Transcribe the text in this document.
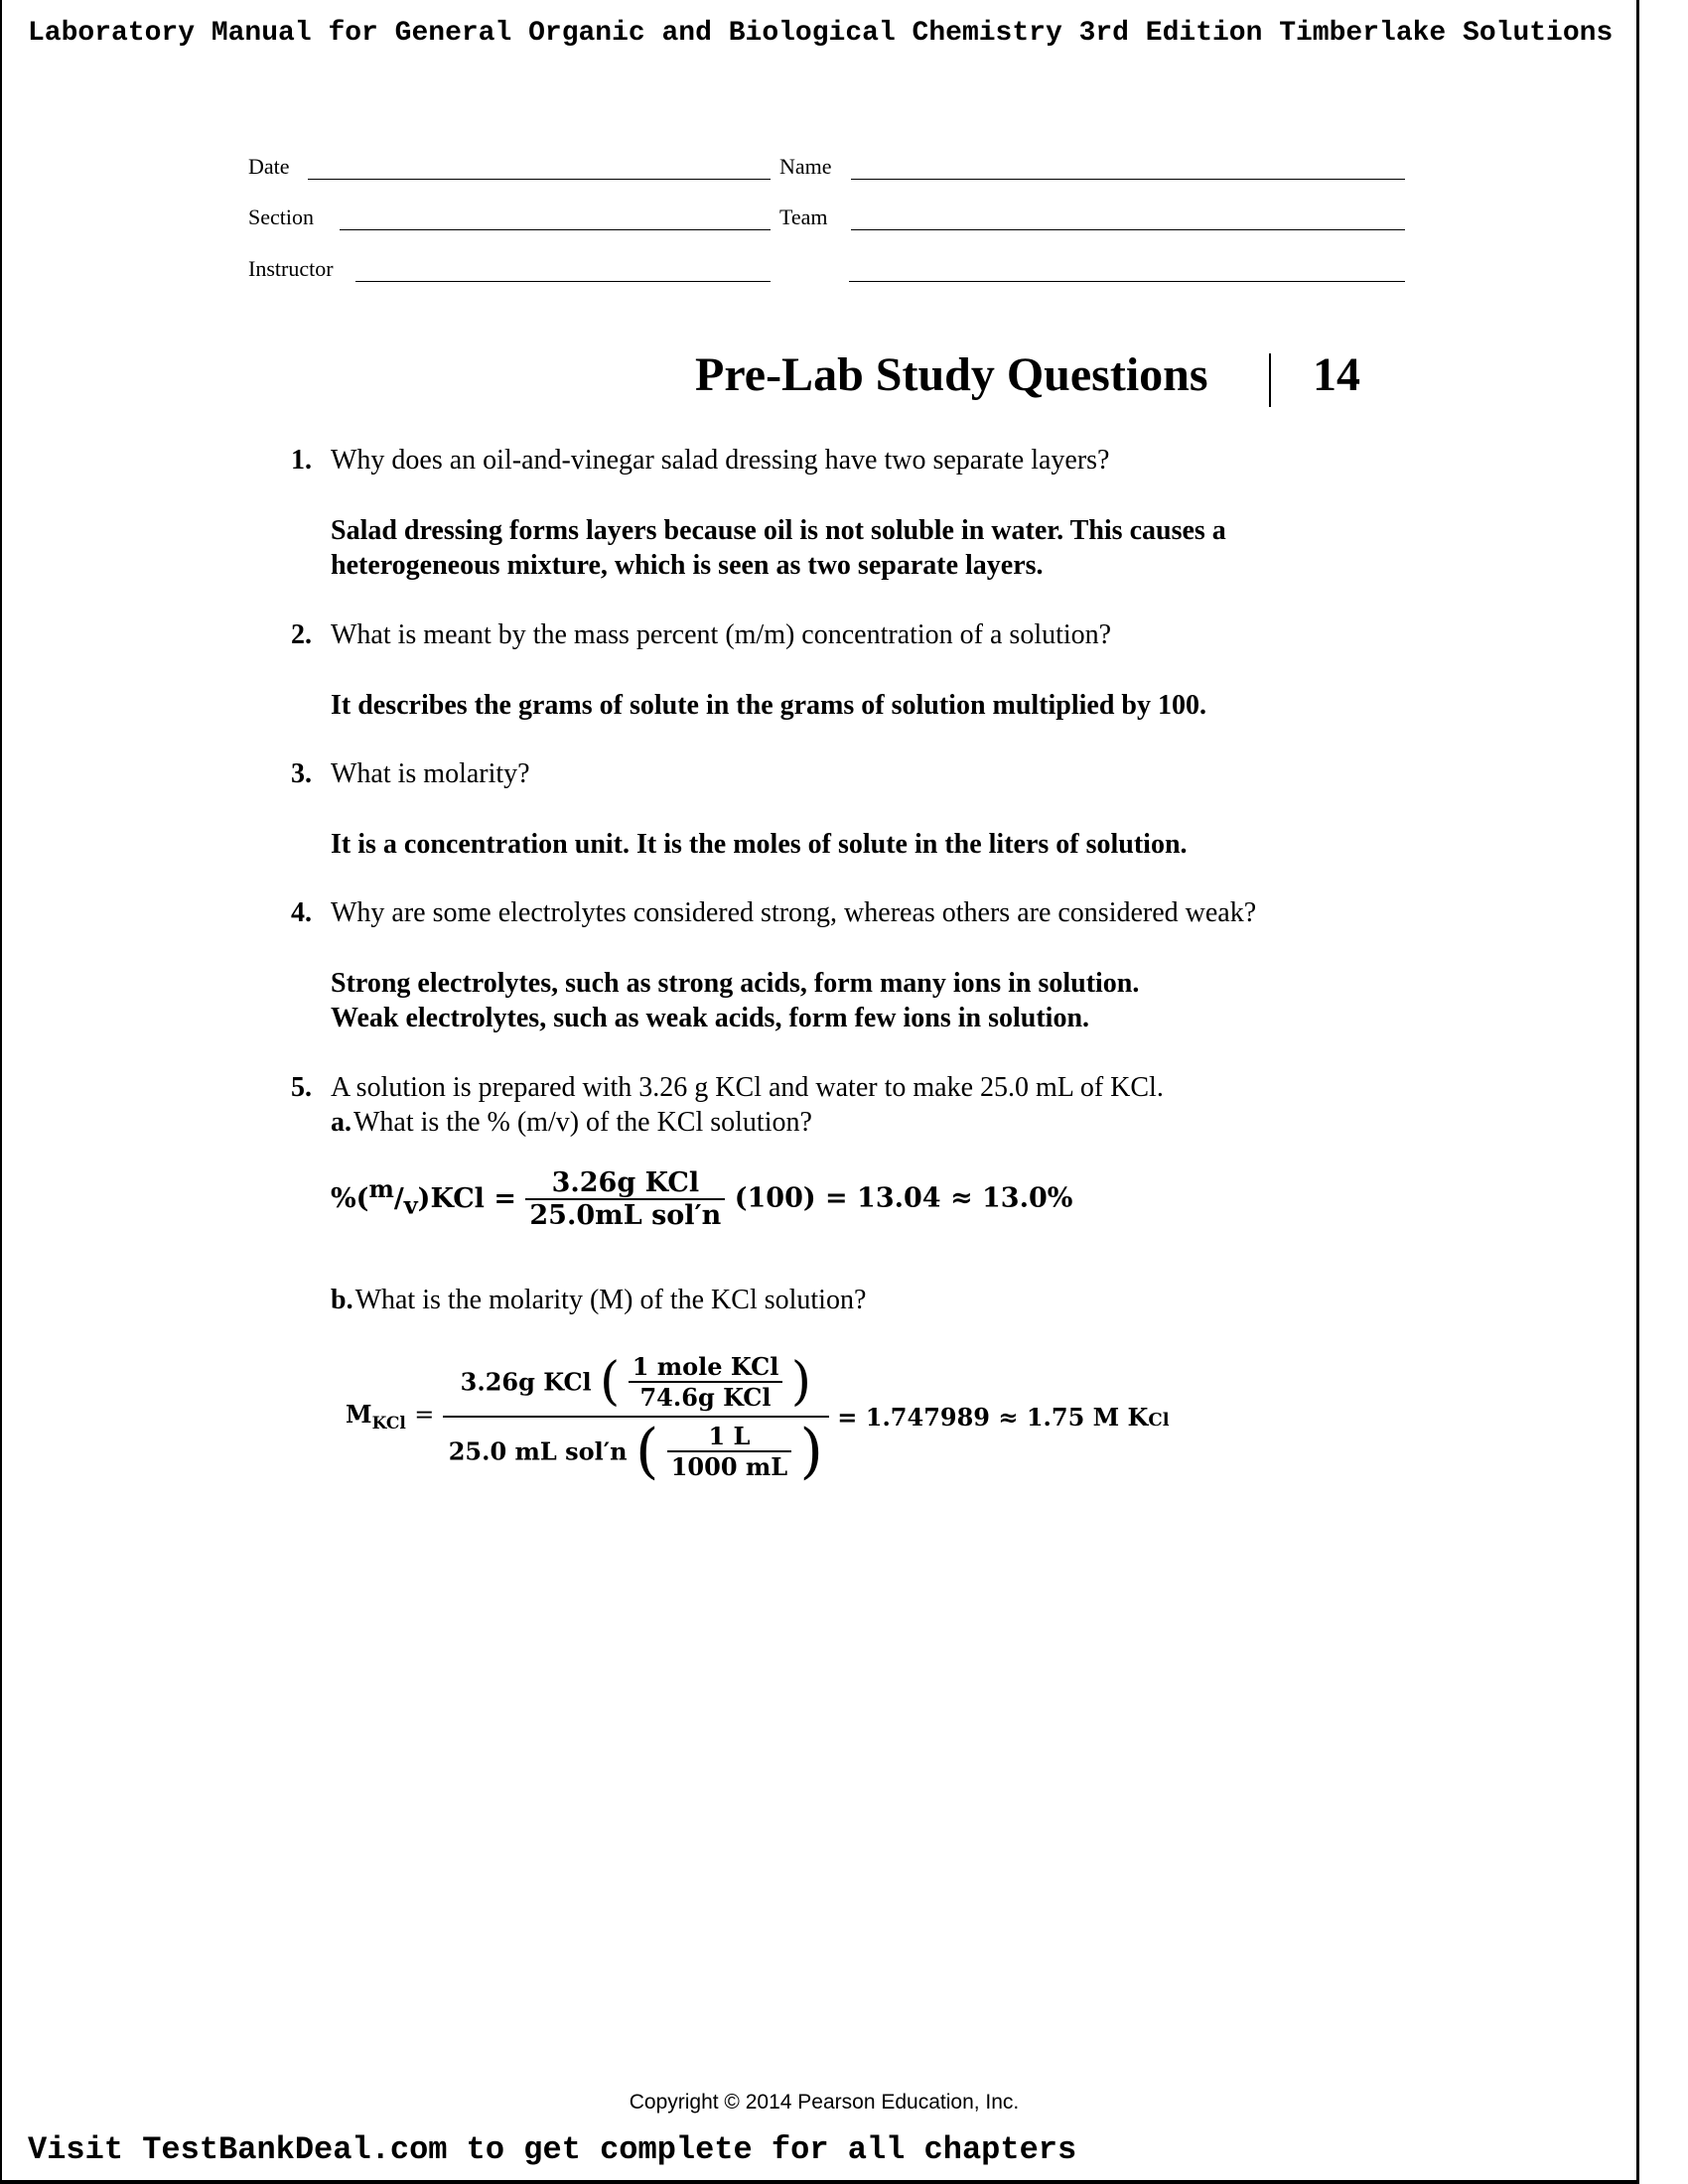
Laboratory Manual for General Organic and Biological Chemistry 3rd Edition Timberlake Solutions
Date	Name
Section	Team
Instructor
Pre-Lab Study Questions 14
1. Why does an oil-and-vinegar salad dressing have two separate layers?
Salad dressing forms layers because oil is not soluble in water. This causes a
heterogeneous mixture, which is seen as two separate layers.
2. What is meant by the mass percent (m/m) concentration of a solution?
It describes the grams of solute in the grams of solution multiplied by 100.
3. What is molarity?
It is a concentration unit. It is the moles of solute in the liters of solution.
4. Why are some electrolytes considered strong, whereas others are considered weak?
Strong electrolytes, such as strong acids, form many ions in solution.
Weak electrolytes, such as weak acids, form few ions in solution.
5. A solution is prepared with 3.26 g KCl and water to make 25.0 mL of KCl.
a.What is the % (m/v) of the KCl solution?
$\%(^m/_v)KCl = \frac{\text{3.26g KCl}}{\text{25.0mL sol′n}} (100) = 13.04 \approx 13.0\%$
b.What is the molarity (M) of the KCl solution?
$M_{KCl}$ =
3.26g KCl ( $\frac{\text{1 mole KCl}}{\text{74.6g KCl}}$ )
25.0 mL sol′n ( $\frac{1 L}{1000 mL}$ ) = 1.747989 ≈ 1.75 M KCl
Copyright © 2014 Pearson Education, Inc.
Visit TestBankDeal.com to get complete for all chapters
